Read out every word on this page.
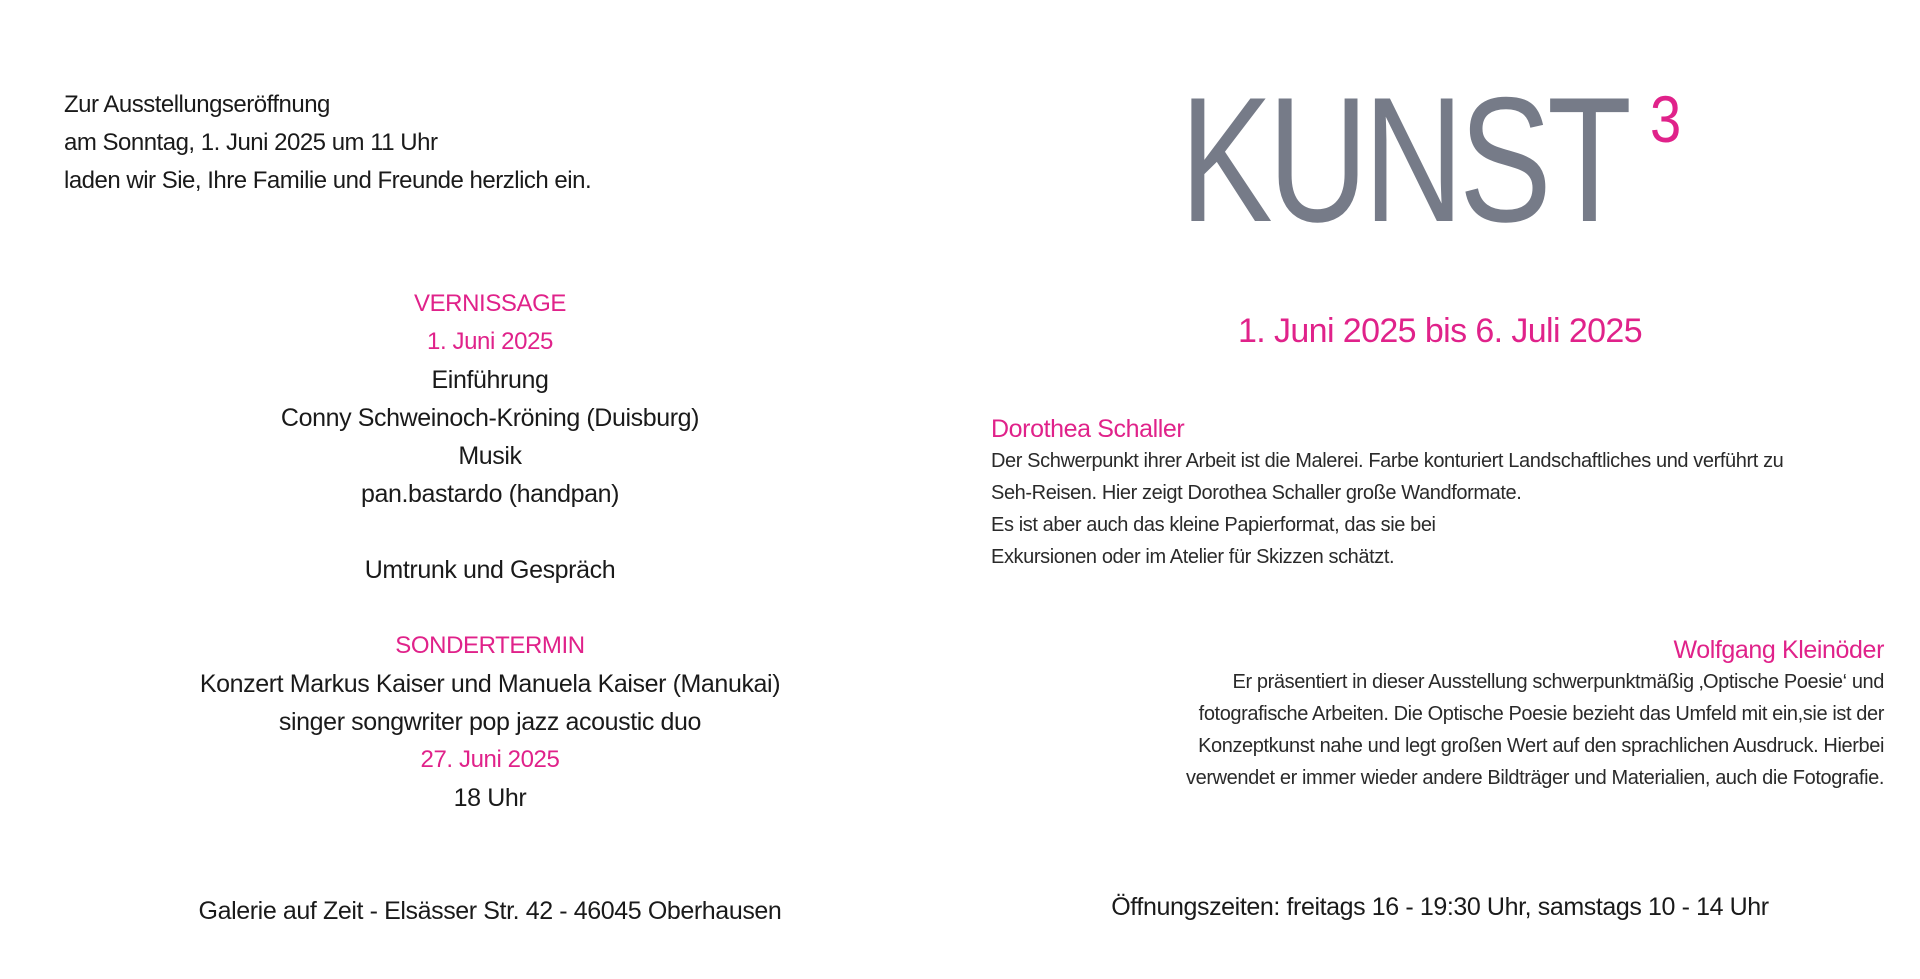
Zur Ausstellungseröffnung
am Sonntag, 1. Juni 2025 um 11 Uhr
laden wir Sie, Ihre Familie und Freunde herzlich ein.
VERNISSAGE
1. Juni 2025
Einführung
Conny Schweinoch-Kröning (Duisburg)
Musik
pan.bastardo (handpan)
Umtrunk und Gespräch
SONDERTERMIN
Konzert Markus Kaiser und Manuela Kaiser (Manukai)
singer songwriter pop jazz acoustic duo
27. Juni 2025
18 Uhr
Galerie auf Zeit - Elsässer Str. 42 - 46045 Oberhausen
KUNST 3
1. Juni 2025 bis 6. Juli 2025
Dorothea Schaller
Der Schwerpunkt ihrer Arbeit ist die Malerei. Farbe konturiert Landschaftliches und verführt zu
Seh-Reisen. Hier zeigt Dorothea Schaller große Wandformate.
Es ist aber auch das kleine Papierformat, das sie bei
Exkursionen oder im Atelier für Skizzen schätzt.
Wolfgang Kleinöder
Er präsentiert in dieser Ausstellung schwerpunktmäßig ‚Optische Poesie‘ und
fotografische Arbeiten. Die Optische Poesie bezieht das Umfeld mit ein,sie ist der
Konzeptkunst nahe und legt großen Wert auf den sprachlichen Ausdruck. Hierbei
verwendet er immer wieder andere Bildträger und Materialien, auch die Fotografie.
Öffnungszeiten: freitags 16 - 19:30 Uhr, samstags 10 - 14 Uhr
